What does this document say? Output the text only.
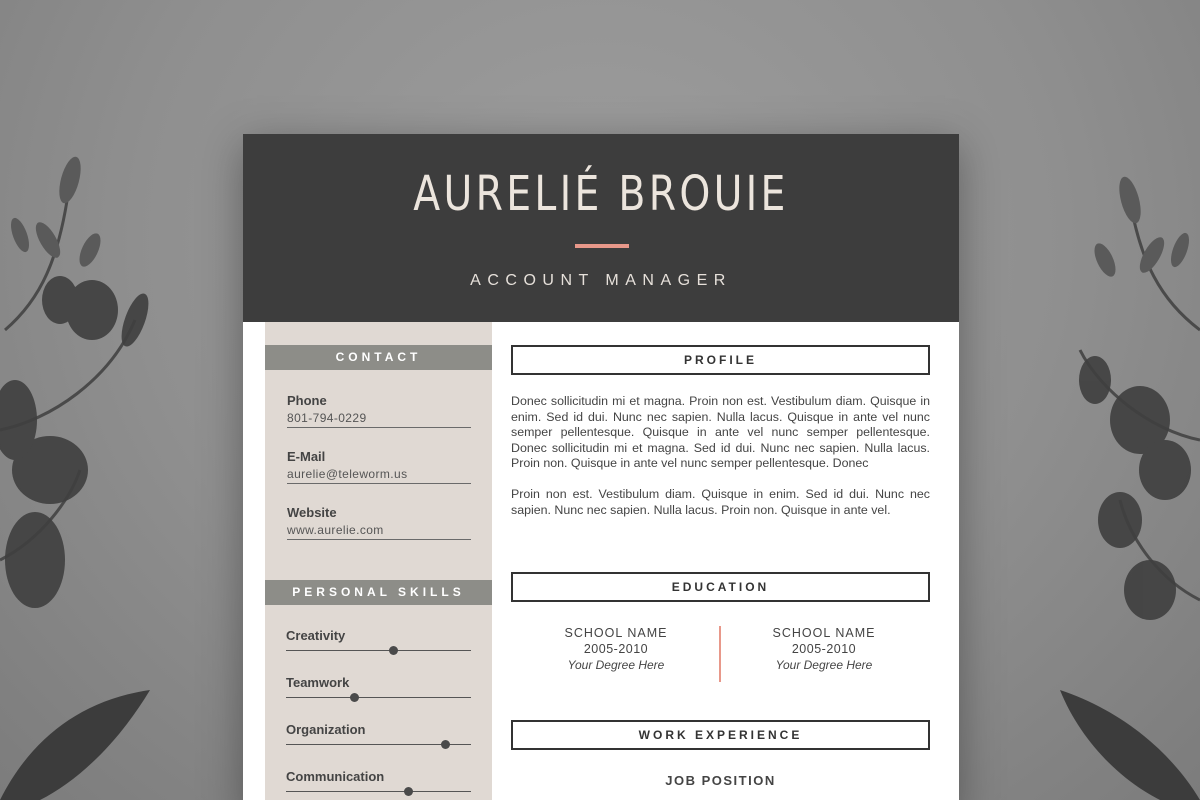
AURELIÉ BROUIE
ACCOUNT MANAGER
CONTACT
Phone
801-794-0229
E-Mail
aurelie@teleworm.us
Website
www.aurelie.com
PERSONAL SKILLS
Creativity
Teamwork
Organization
Communication
PROFILE

Donec sollicitudin mi et magna. Proin non est. Vestibulum diam. Quisque in enim. Sed id dui. Nunc nec sapien. Nulla lacus. Quisque in ante vel nunc semper pellentesque. Quisque in ante vel nunc semper pellentesque. Donec sollicitudin mi et magna. Sed id dui. Nunc nec sapien. Nulla lacus. Proin non. Quisque in ante vel nunc semper pellentesque. Donec

Proin non est. Vestibulum diam. Quisque in enim. Sed id dui. Nunc nec sapien. Nunc nec sapien. Nulla lacus. Proin non. Quisque in ante vel.

EDUCATION
SCHOOL NAME
2005-2010
Your Degree Here
SCHOOL NAME
2005-2010
Your Degree Here
WORK EXPERIENCE
JOB POSITION
